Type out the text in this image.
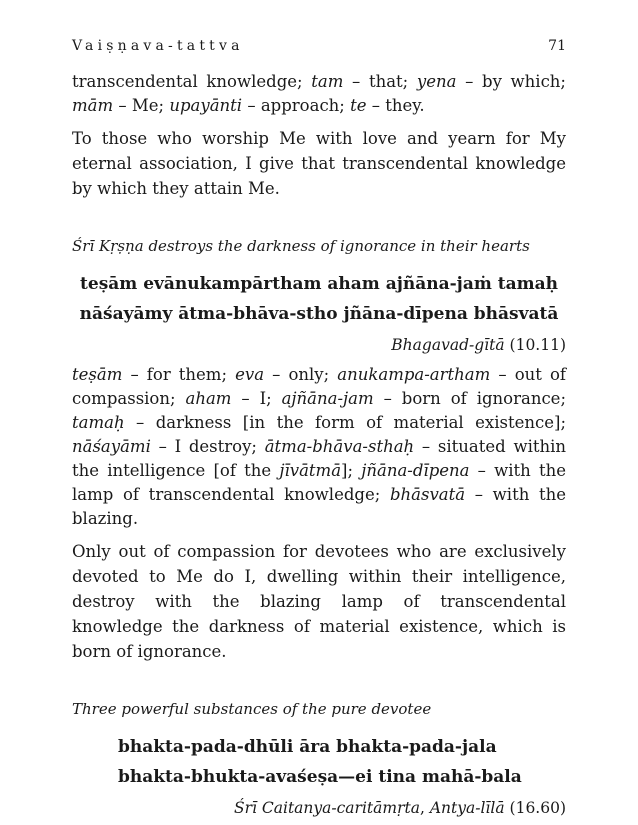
Vaiṣṇava-tattva	71

transcendental knowledge; tam – that; yena – by which; mām – Me; upayānti – approach; te – they.

To those who worship Me with love and yearn for My eternal association, I give that transcendental knowledge by which they attain Me.

Śrī Kṛṣṇa destroys the darkness of ignorance in their hearts
teṣām evānukampārtham aham ajñāna-jaṁ tamaḥ
nāśayāmy ātma-bhāva-stho jñāna-dīpena bhāsvatā
Bhagavad-gītā (10.11)

teṣām – for them; eva – only; anukampa-artham – out of compassion; aham – I; ajñāna-jam – born of ignorance; tamaḥ – darkness [in the form of material existence]; nāśayāmi – I destroy; ātma-bhāva-sthaḥ – situated within the intelligence [of the jīvātmā]; jñāna-dīpena – with the lamp of transcendental knowledge; bhāsvatā – with the blazing.

Only out of compassion for devotees who are exclusively devoted to Me do I, dwelling within their intelligence, destroy with the blazing lamp of transcendental knowledge the darkness of material existence, which is born of ignorance.

Three powerful substances of the pure devotee
bhakta-pada-dhūli āra bhakta-pada-jala
bhakta-bhukta-avaśeṣa—ei tina mahā-bala
Śrī Caitanya-caritāmṛta, Antya-līlā (16.60)
